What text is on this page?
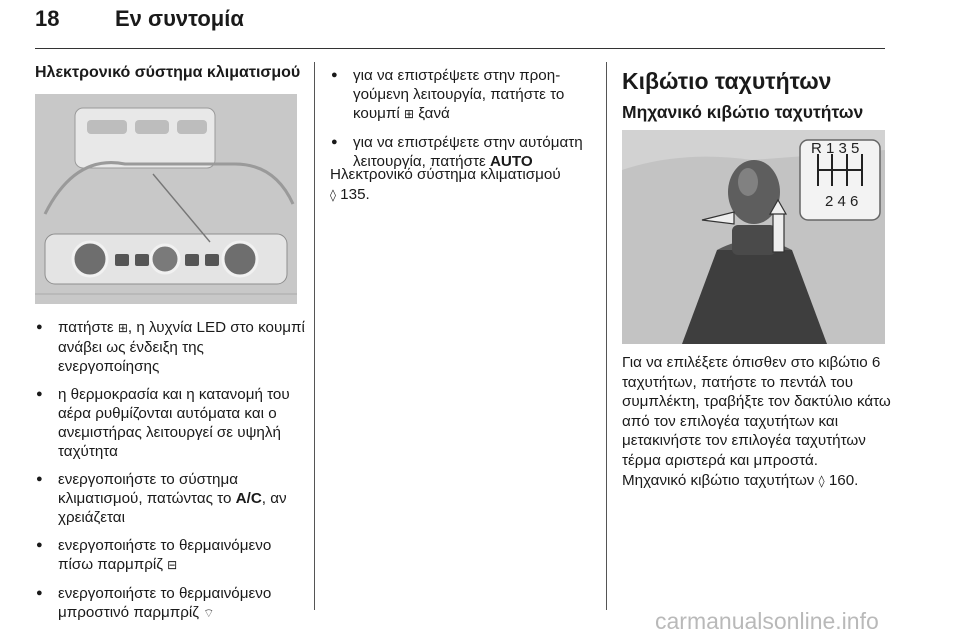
18	Εν συντομία
Ηλεκτρονικό σύστημα κλιματισμού
● πατήστε ⊞, η λυχνία LED στο κουμπί ανάβει ως ένδειξη της ενεργοποίησης
● η θερμοκρασία και η κατανομή του αέρα ρυθμίζονται αυτόματα και ο ανεμιστήρας λειτουργεί σε υψηλή ταχύτητα
● ενεργοποιήστε το σύστημα κλιματισμού, πατώντας το A/C, αν χρειάζεται
● ενεργοποιήστε το θερμαινόμενο πίσω παρμπρίζ ⊟
● ενεργοποιήστε το θερμαινόμενο μπροστινό παρμπρίζ ⌔
● για να επιστρέψετε στην προηγούμενη λειτουργία, πατήστε το κουμπί ⊞ ξανά
● για να επιστρέψετε στην αυτόματη λειτουργία, πατήστε AUTO
Ηλεκτρονικό σύστημα κλιματισμού
◊ 135.
Κιβώτιο ταχυτήτων
Μηχανικό κιβώτιο ταχυτήτων
R 1 3 5
2 4 6
Για να επιλέξετε όπισθεν στο κιβώτιο 6 ταχυτήτων, πατήστε το πεντάλ του συμπλέκτη, τραβήξτε τον δακτύλιο κάτω από τον επιλογέα ταχυτήτων και μετακινήστε τον επιλογέα ταχυτήτων τέρμα αριστερά και μπροστά.
Μηχανικό κιβώτιο ταχυτήτων ◊ 160.
carmanualsonline.info
